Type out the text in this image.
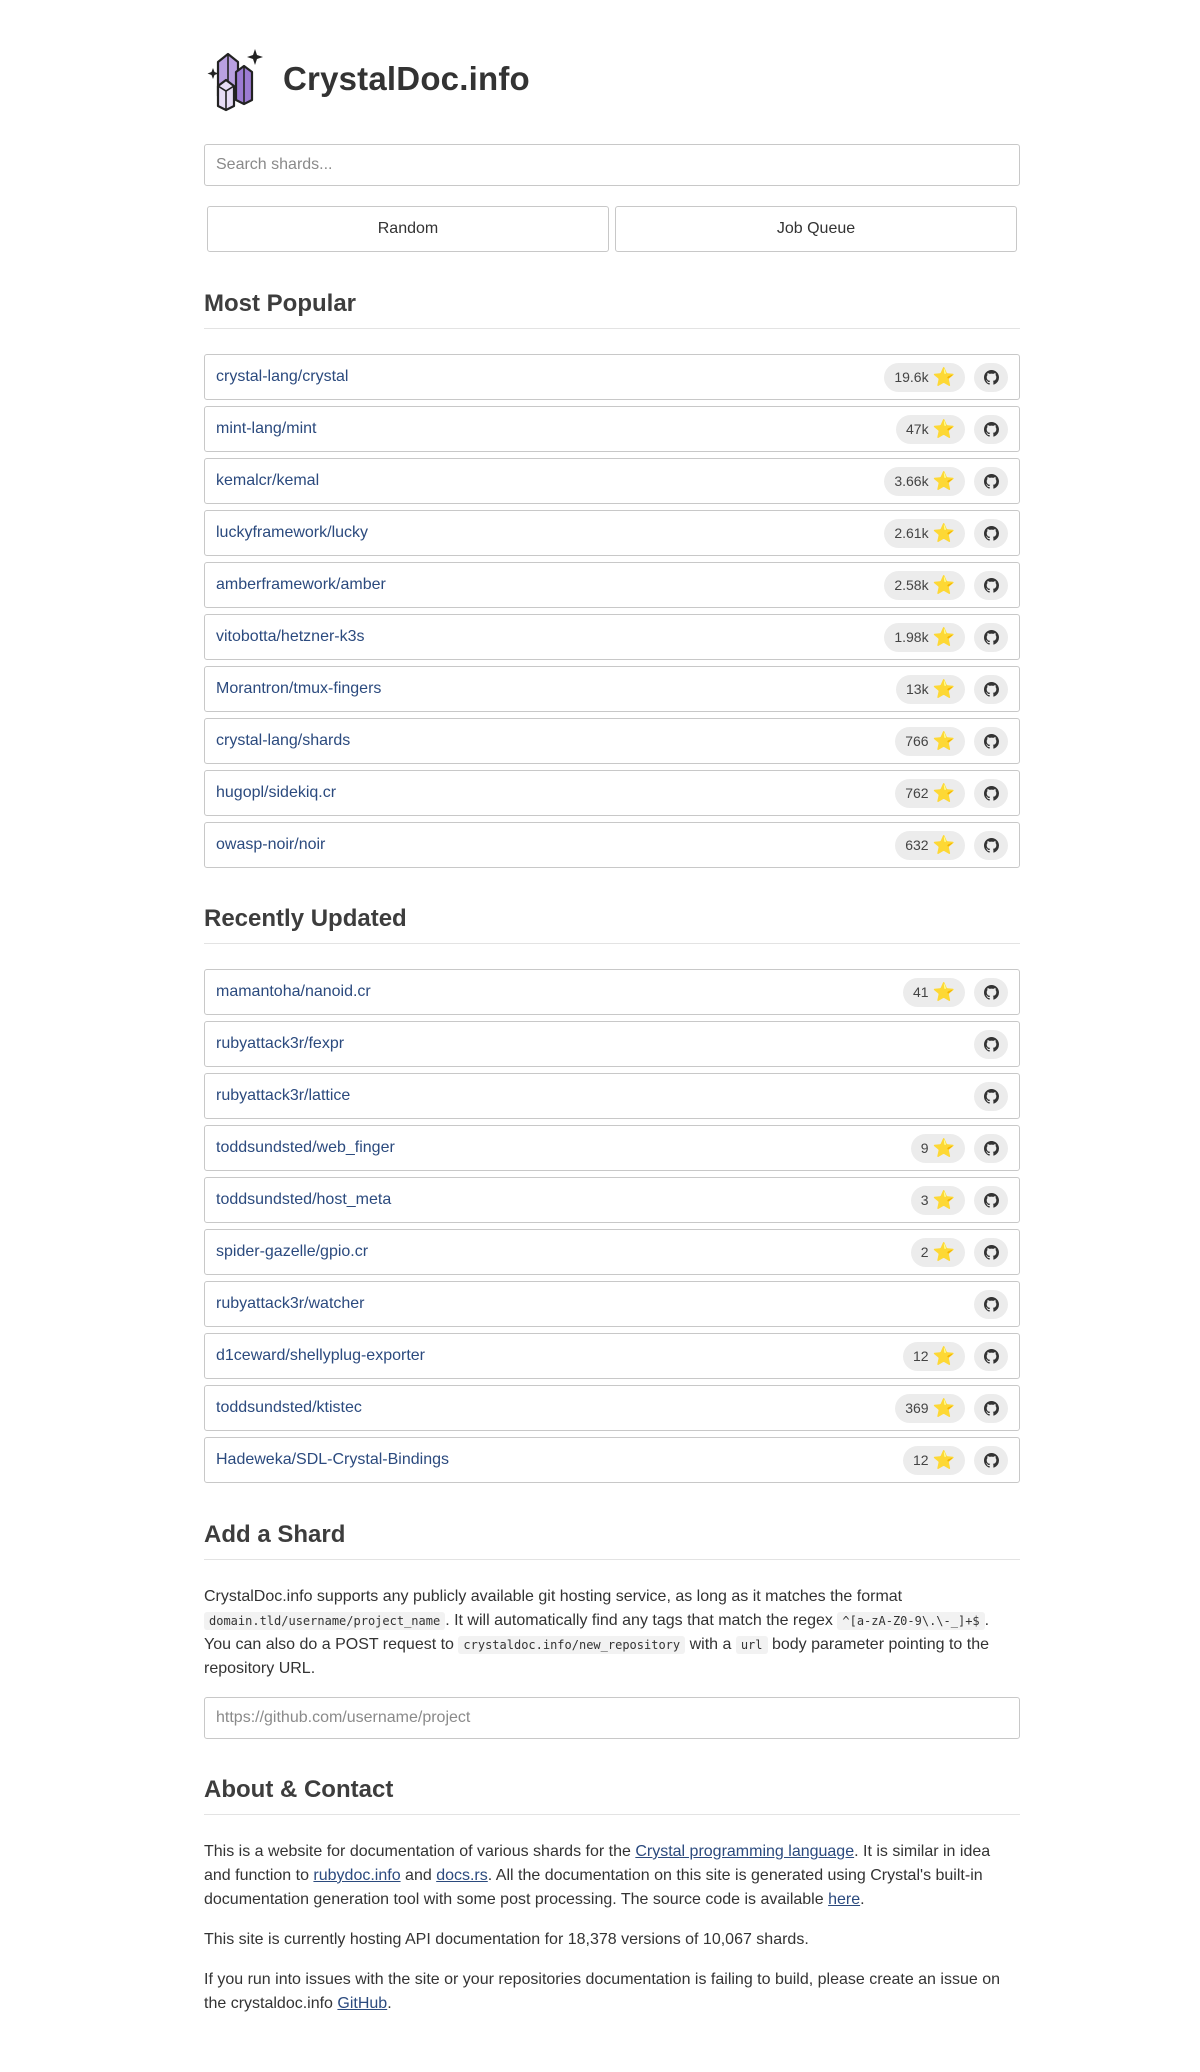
CrystalDoc.info
Search shards...
Random	Job Queue
Most Popular
crystal-lang/crystal	19.6k ⭐
mint-lang/mint	47k ⭐
kemalcr/kemal	3.66k ⭐
luckyframework/lucky	2.61k ⭐
amberframework/amber	2.58k ⭐
vitobotta/hetzner-k3s	1.98k ⭐
Morantron/tmux-fingers	13k ⭐
crystal-lang/shards	766 ⭐
hugopl/sidekiq.cr	762 ⭐
owasp-noir/noir	632 ⭐
Recently Updated
mamantoha/nanoid.cr	41 ⭐
rubyattack3r/fexpr
rubyattack3r/lattice
toddsundsted/web_finger	9 ⭐
toddsundsted/host_meta	3 ⭐
spider-gazelle/gpio.cr	2 ⭐
rubyattack3r/watcher
d1ceward/shellyplug-exporter	12 ⭐
toddsundsted/ktistec	369 ⭐
Hadeweka/SDL-Crystal-Bindings	12 ⭐
Add a Shard

CrystalDoc.info supports any publicly available git hosting service, as long as it matches the format domain.tld/username/project_name . It will automatically find any tags that match the regex ^[a-zA-Z0-9\.\-_]+$ . You can also do a POST request to crystaldoc.info/new_repository with a url body parameter pointing to the repository URL.

https://github.com/username/project
About & Contact

This is a website for documentation of various shards for the Crystal programming language. It is similar in idea and function to rubydoc.info and docs.rs. All the documentation on this site is generated using Crystal's built-in documentation generation tool with some post processing. The source code is available here.

This site is currently hosting API documentation for 18,378 versions of 10,067 shards.

If you run into issues with the site or your repositories documentation is failing to build, please create an issue on the crystaldoc.info GitHub.
